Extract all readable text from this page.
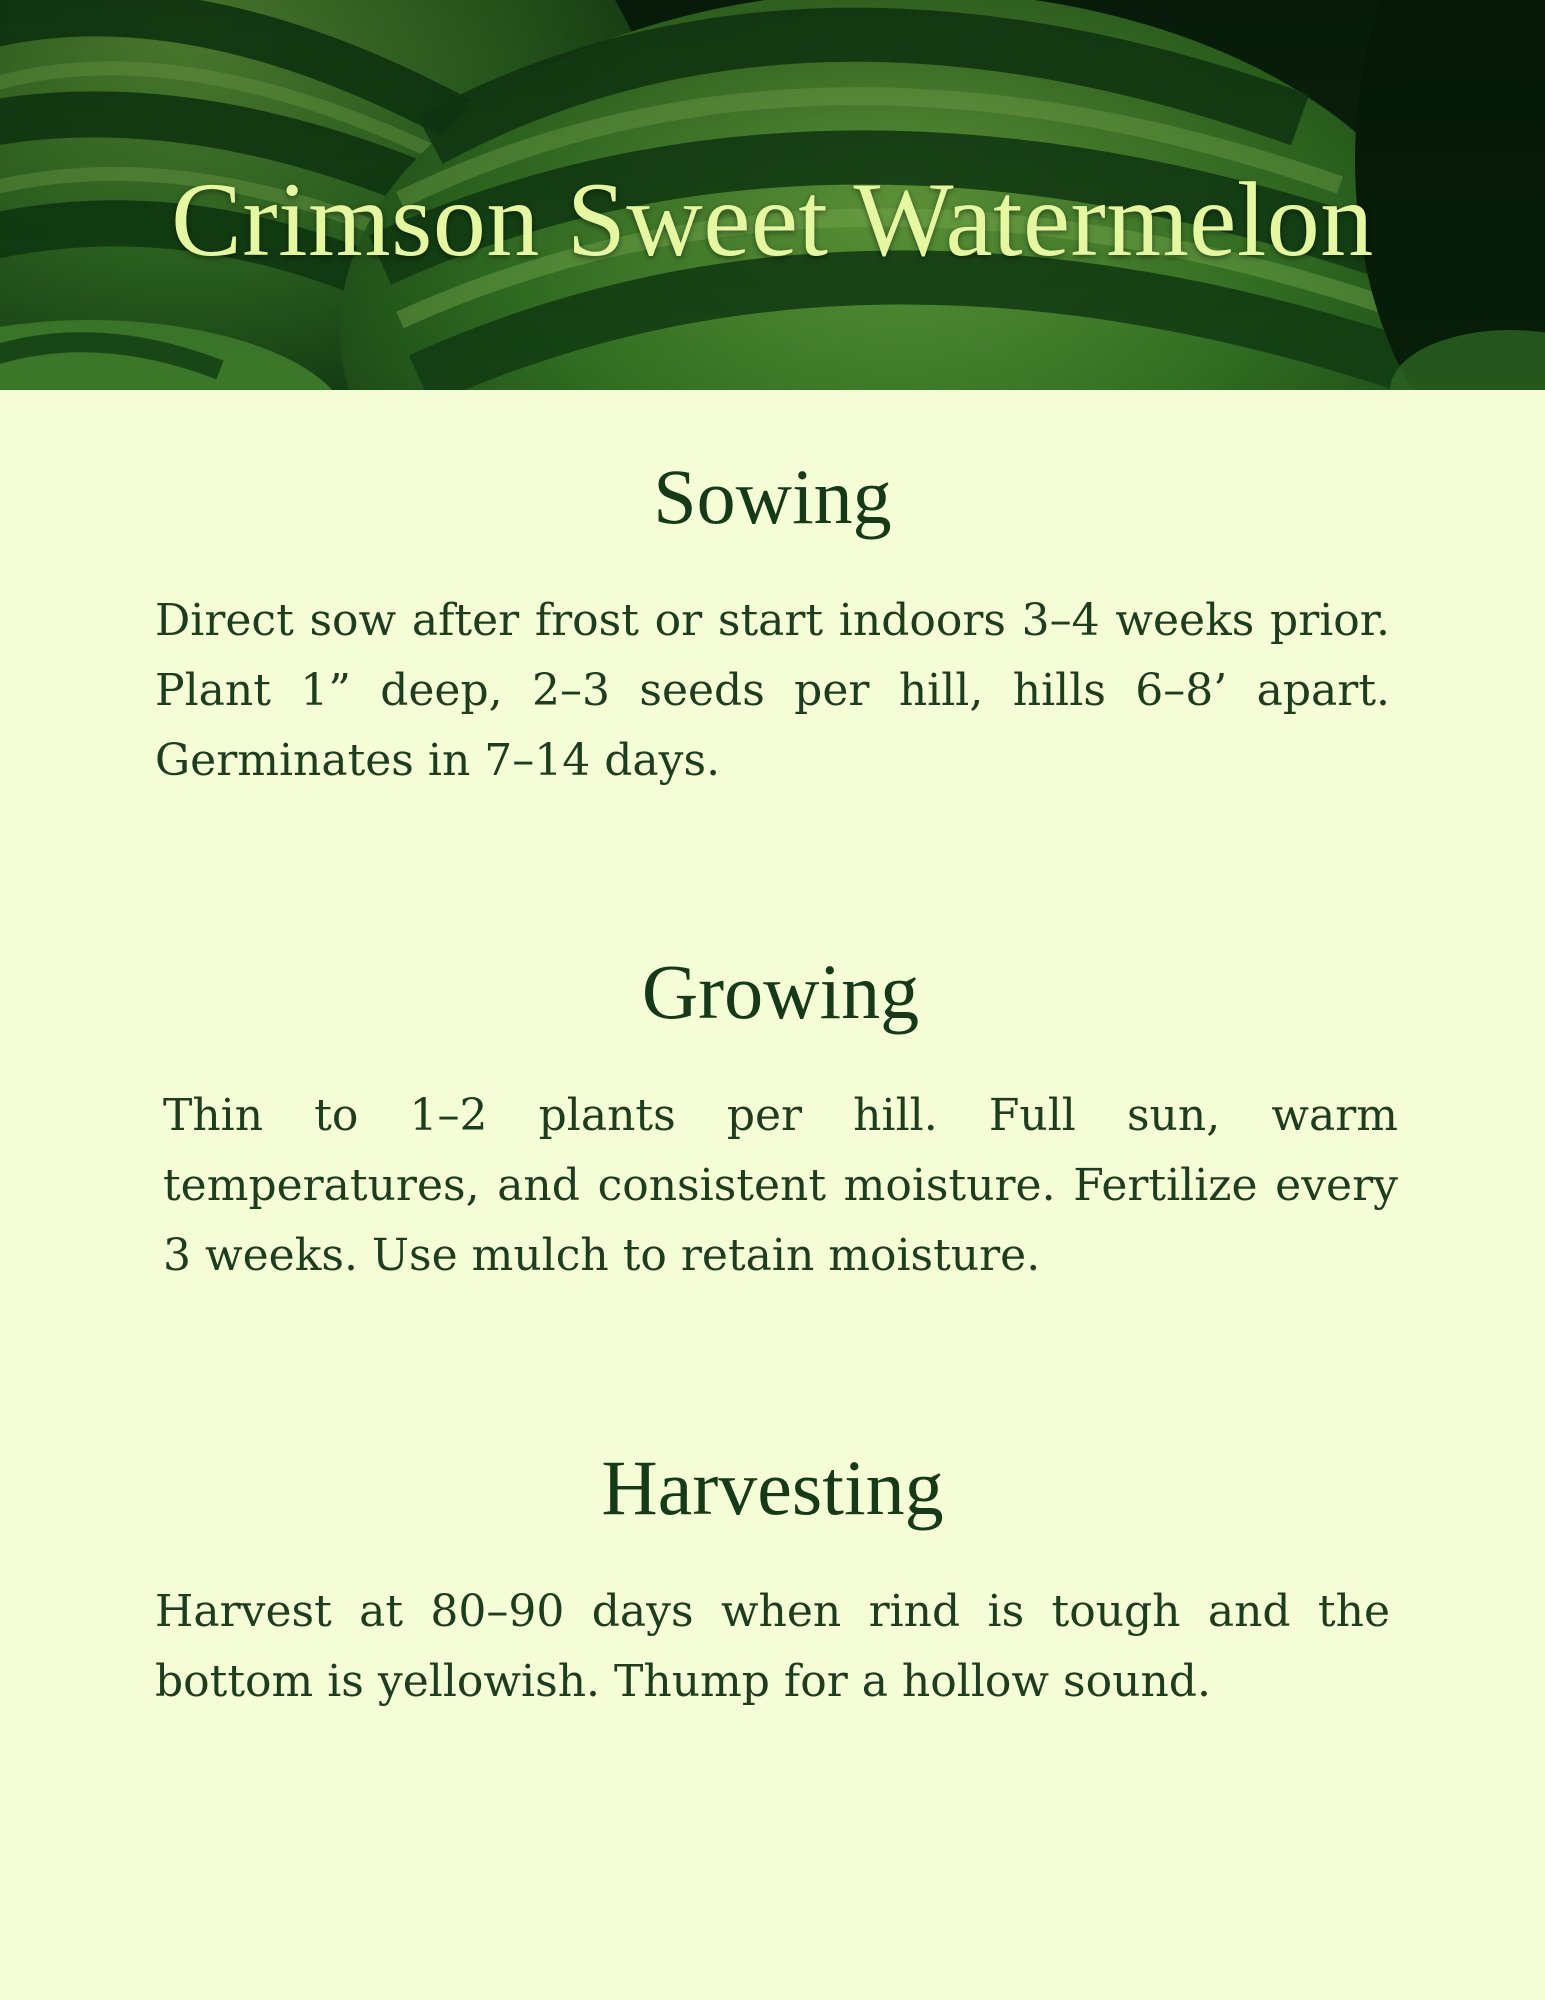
Crimson Sweet Watermelon
Sowing

Direct sow after frost or start indoors 3–4 weeks prior. Plant 1” deep, 2–3 seeds per hill, hills 6–8’ apart. Germinates in 7–14 days.

Growing

Thin to 1–2 plants per hill. Full sun, warm temperatures, and consistent moisture. Fertilize every 3 weeks. Use mulch to retain moisture.

Harvesting

Harvest at 80–90 days when rind is tough and the bottom is yellowish. Thump for a hollow sound.
